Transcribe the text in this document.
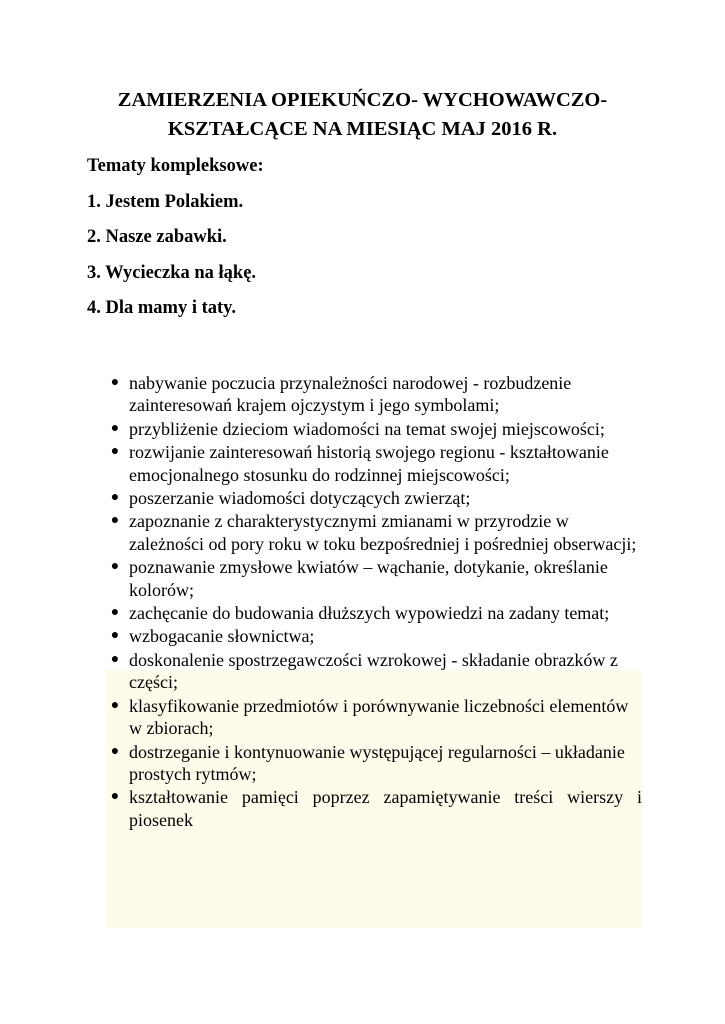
ZAMIERZENIA OPIEKUŃCZO- WYCHOWAWCZO-
KSZTAŁCĄCE NA MIESIĄC MAJ 2016 R.

Tematy kompleksowe:

1. Jestem Polakiem.

2. Nasze zabawki.

3. Wycieczka na łąkę.

4. Dla mamy i taty.

● nabywanie poczucia przynależności narodowej - rozbudzenie zainteresowań krajem ojczystym i jego symbolami;
● przybliżenie dzieciom wiadomości na temat swojej miejscowości;
● rozwijanie zainteresowań historią swojego regionu - kształtowanie emocjonalnego stosunku do rodzinnej miejscowości;
● poszerzanie wiadomości dotyczących zwierząt;
● zapoznanie z charakterystycznymi zmianami w przyrodzie w zależności od pory roku w toku bezpośredniej i pośredniej obserwacji;
● poznawanie zmysłowe kwiatów – wąchanie, dotykanie, określanie kolorów;
● zachęcanie do budowania dłuższych wypowiedzi na zadany temat;
● wzbogacanie słownictwa;
● doskonalenie spostrzegawczości wzrokowej - składanie obrazków z części;
● klasyfikowanie przedmiotów i porównywanie liczebności elementów w zbiorach;
● dostrzeganie i kontynuowanie występującej regularności – układanie prostych rytmów;
● kształtowanie pamięci poprzez zapamiętywanie treści wierszy i piosenek
